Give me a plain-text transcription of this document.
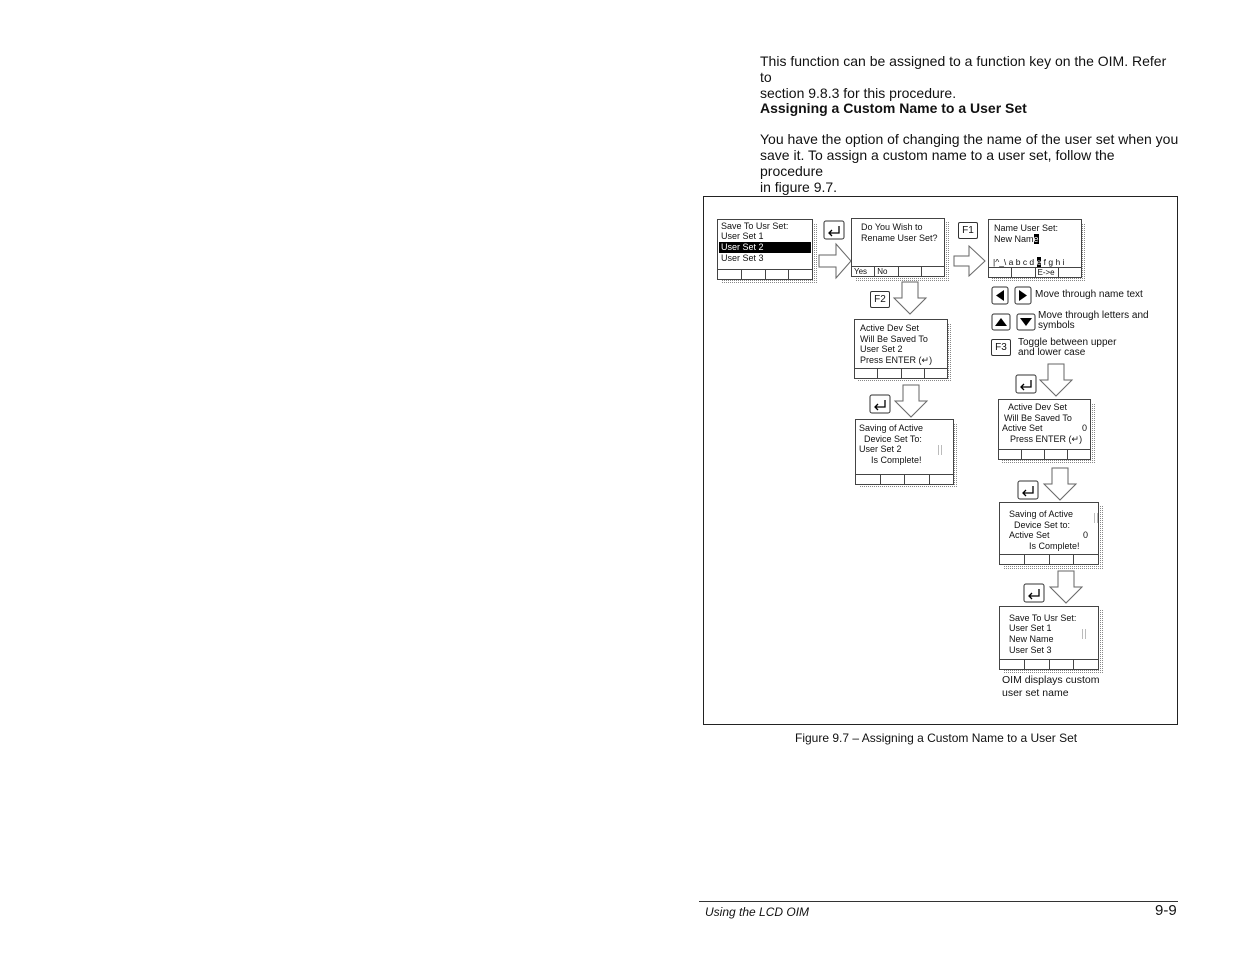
This function can be assigned to a function key on the OIM. Refer to
section 9.8.3 for this procedure.
Assigning a Custom Name to a User Set
You have the option of changing the name of the user set when you
save it. To assign a custom name to a user set, follow the procedure
in figure 9.7.
Save To Usr Set:
User Set 1
User Set 2
User Set 3
Do You Wish to
Rename User Set?
Yes	No
Name User Set:
New Name
|^_\ a b c d e f g h i
E->e
F1
F2	Move through name text
Move through letters and
symbols
F3	Toggle between upper
and lower case
Active Dev Set
Will Be Saved To
User Set 2
Press ENTER (↵)
Saving of Active
Device Set To:
User Set 2
Is Complete!
Active Dev Set
Will Be Saved To
Active Set	0
Press ENTER (↵)
Saving of Active
Device Set to:
Active Set	0
Is Complete!
Save To Usr Set:
User Set 1
New Name
User Set 3
OIM displays custom
user set name
Figure 9.7 – Assigning a Custom Name to a User Set
Using the LCD OIM	9-9
